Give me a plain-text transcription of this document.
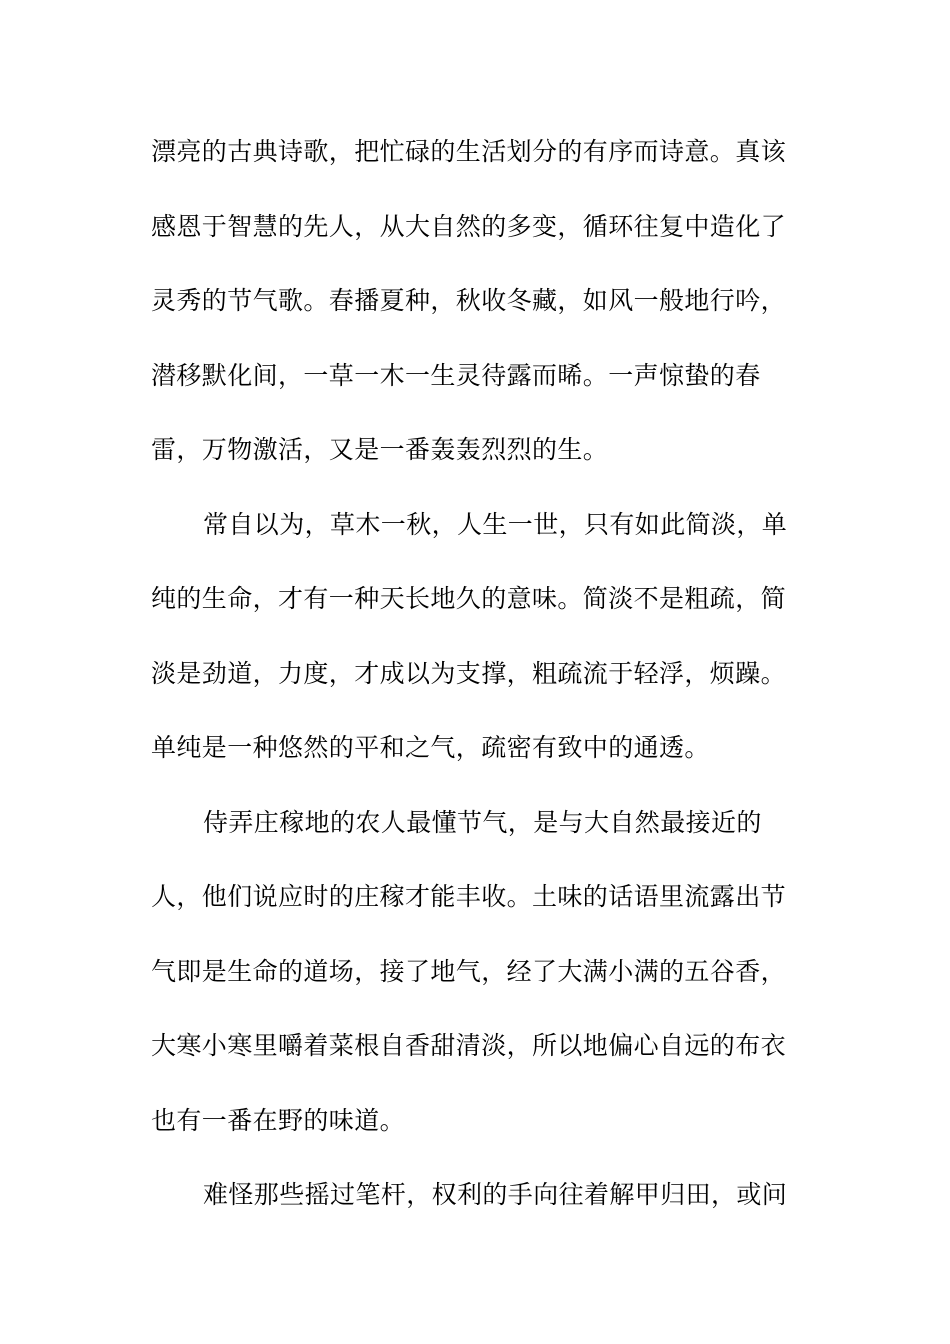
漂亮的古典诗歌，把忙碌的生活划分的有序而诗意。真该
感恩于智慧的先人，从大自然的多变，循环往复中造化了
灵秀的节气歌。春播夏种，秋收冬藏，如风一般地行吟，
潜移默化间，一草一木一生灵待露而晞。一声惊蛰的春
雷，万物激活，又是一番轰轰烈烈的生。
常自以为，草木一秋，人生一世，只有如此简淡，单
纯的生命，才有一种天长地久的意味。简淡不是粗疏，简
淡是劲道，力度，才成以为支撑，粗疏流于轻浮，烦躁。
单纯是一种悠然的平和之气，疏密有致中的通透。
侍弄庄稼地的农人最懂节气，是与大自然最接近的
人，他们说应时的庄稼才能丰收。土味的话语里流露出节
气即是生命的道场，接了地气，经了大满小满的五谷香，
大寒小寒里嚼着菜根自香甜清淡，所以地偏心自远的布衣
也有一番在野的味道。
难怪那些摇过笔杆，权利的手向往着解甲归田，或问
